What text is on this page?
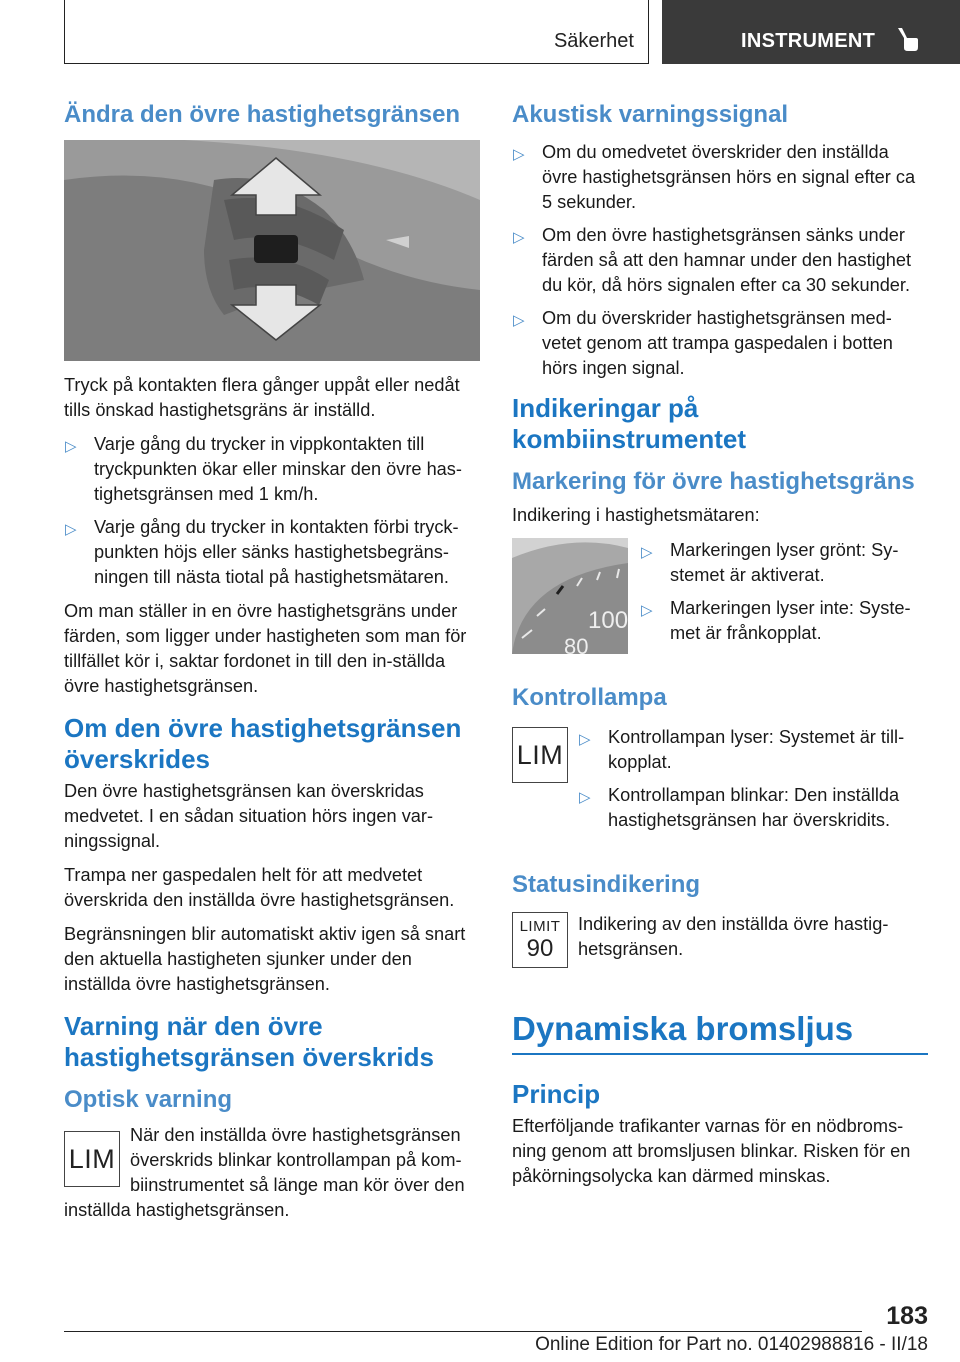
Säkerhet	INSTRUMENT
Ändra den övre hastighetsgränsen

Tryck på kontakten flera gånger uppåt eller nedåt tills önskad hastighetsgräns är inställd.

▷ Varje gång du trycker in vippkontakten till tryckpunkten ökar eller minskar den övre has‐tighetsgränsen med 1 km/h.
▷ Varje gång du trycker in kontakten förbi tryck‐punkten höjs eller sänks hastighetsbegräns‐ningen till nästa tiotal på hastighetsmätaren.

Om man ställer in en övre hastighetsgräns under färden, som ligger under hastigheten som man för tillfället kör i, saktar fordonet in till den in‐ställda övre hastighetsgränsen.

Om den övre hastighetsgränsen överskrides

Den övre hastighetsgränsen kan överskridas medvetet. I en sådan situation hörs ingen var‐ningssignal.

Trampa ner gaspedalen helt för att medvetet överskrida den inställda övre hastighetsgränsen.

Begränsningen blir automatiskt aktiv igen så snart den aktuella hastigheten sjunker under den inställda övre hastighetsgränsen.

Varning när den övre hastighetsgränsen överskrids
Optisk varning
LIM

När den inställda övre hastighetsgränsen överskrids blinkar kontrollampan på kom‐biinstrumentet så länge man kör över den inställda hastighetsgränsen.

Akustisk varningssignal
▷ Om du omedvetet överskrider den inställda övre hastighetsgränsen hörs en signal efter ca 5 sekunder.
▷ Om den övre hastighetsgränsen sänks under färden så att den hamnar under den hastighet du kör, då hörs signalen efter ca 30 sekunder.
▷ Om du överskrider hastighetsgränsen med‐vetet genom att trampa gaspedalen i botten hörs ingen signal.
Indikeringar på kombiinstrumentet
Markering för övre hastighetsgräns

Indikering i hastighetsmätaren:

100
80
▷ Markeringen lyser grönt: Sy‐stemet är aktiverat.
▷ Markeringen lyser inte: Syste‐met är frånkopplat.
Kontrollampa
LIM ▷ Kontrollampan lyser: Systemet är till‐kopplat.
▷ Kontrollampan blinkar: Den inställda hastighetsgränsen har överskridits.
Statusindikering
LIMIT
90

Indikering av den inställda övre hastig‐hetsgränsen.

Dynamiska bromsljus
Princip

Efterföljande trafikanter varnas för en nödbroms‐ning genom att bromsljusen blinkar. Risken för en påkörningsolycka kan därmed minskas.

183
Online Edition for Part no. 01402988816 - II/18
